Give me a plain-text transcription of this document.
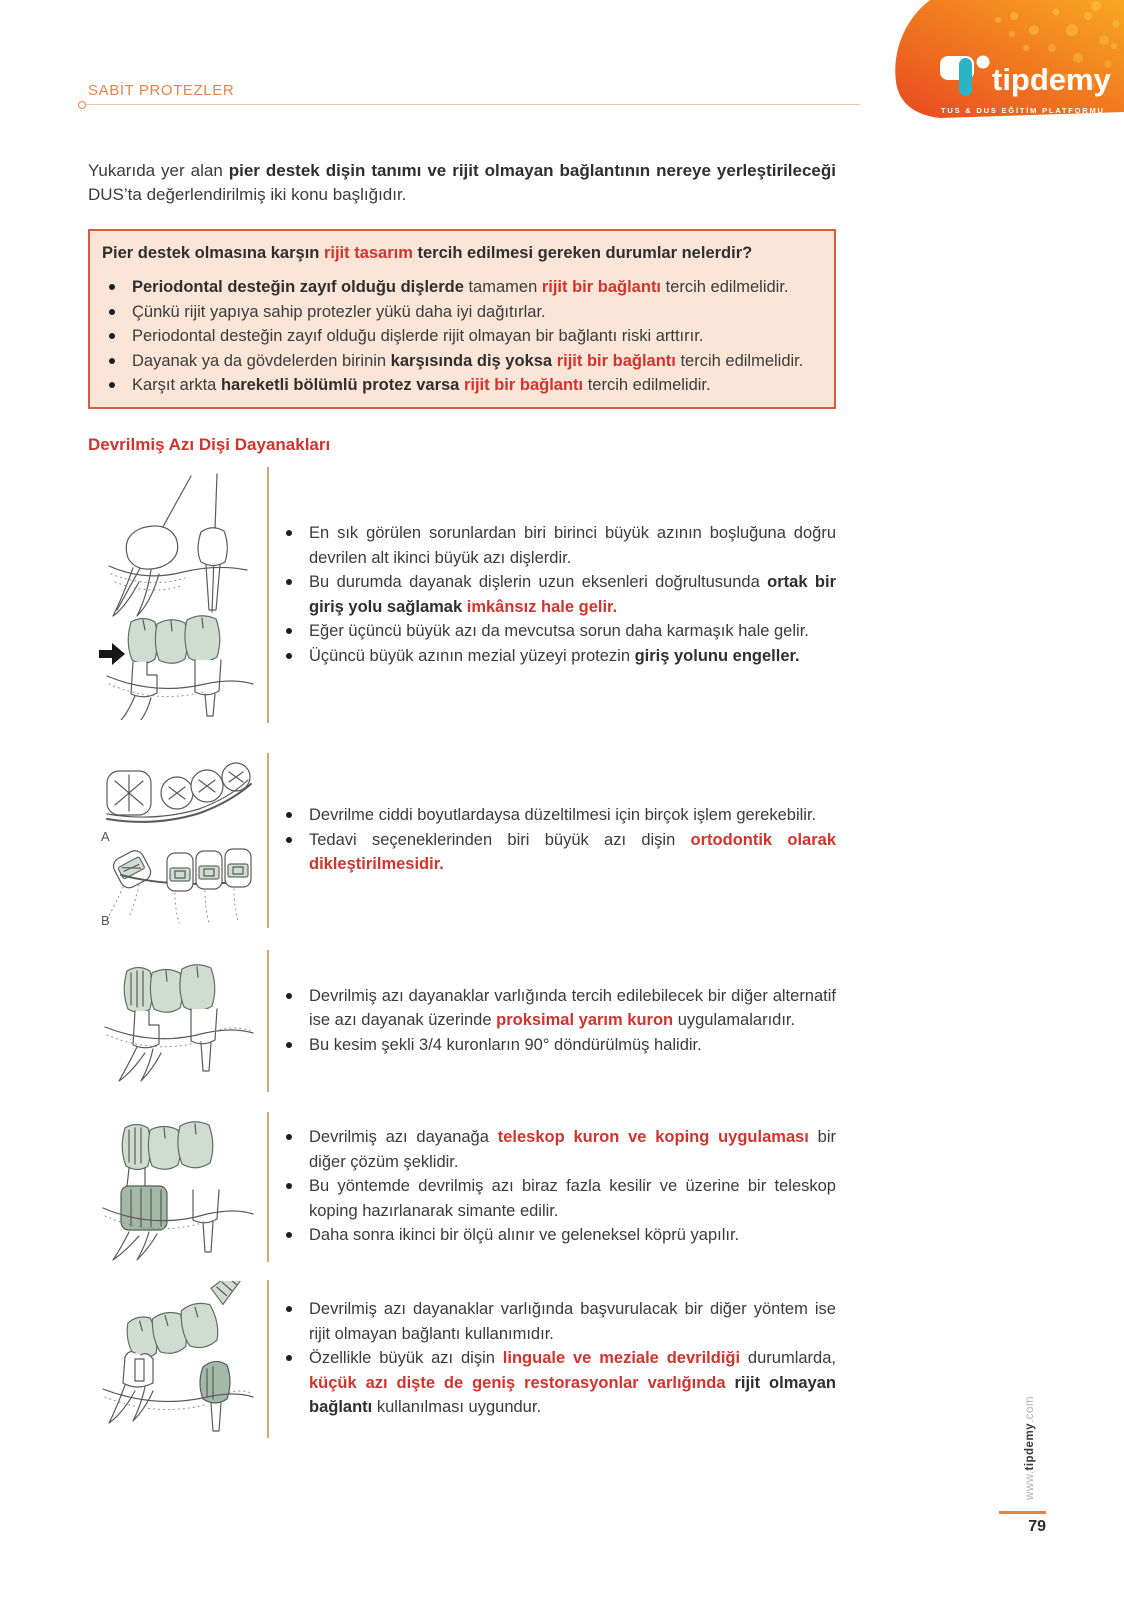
SABİT PROTEZLER	tipdemy
TUS & DUS EĞİTİM PLATFORMU

Yukarıda yer alan pier destek dişin tanımı ve rijit olmayan bağlantının nereye yerleştirileceği DUS’ta değerlendirilmiş iki konu başlığıdır.

Pier destek olmasına karşın rijit tasarım tercih edilmesi gereken durumlar nelerdir?
Periodontal desteğin zayıf olduğu dişlerde tamamen rijit bir bağlantı tercih edilmelidir.
Çünkü rijit yapıya sahip protezler yükü daha iyi dağıtırlar.
Periodontal desteğin zayıf olduğu dişlerde rijit olmayan bir bağlantı riski arttırır.
Dayanak ya da gövdelerden birinin karşısında diş yoksa rijit bir bağlantı tercih edilmelidir.
Karşıt arkta hareketli bölümlü protez varsa rijit bir bağlantı tercih edilmelidir.
Devrilmiş Azı Dişi Dayanakları
En sık görülen sorunlardan biri birinci büyük azının boşluğuna doğru devrilen alt ikinci büyük azı dişlerdir.
Bu durumda dayanak dişlerin uzun eksenleri doğrultusunda ortak bir giriş yolu sağlamak imkânsız hale gelir.
Eğer üçüncü büyük azı da mevcutsa sorun daha karmaşık hale gelir.
Üçüncü büyük azının mezial yüzeyi protezin giriş yolunu engeller.
A
B
Devrilme ciddi boyutlardaysa düzeltilmesi için birçok işlem gerekebilir.
Tedavi seçeneklerinden biri büyük azı dişin ortodontik olarak dikleştirilmesidir.
Devrilmiş azı dayanaklar varlığında tercih edilebilecek bir diğer alternatif ise azı dayanak üzerinde proksimal yarım kuron uygulamalarıdır.
Bu kesim şekli 3/4 kuronların 90° döndürülmüş halidir.
Devrilmiş azı dayanağa teleskop kuron ve koping uygulaması bir diğer çözüm şeklidir.
Bu yöntemde devrilmiş azı biraz fazla kesilir ve üzerine bir teleskop koping hazırlanarak simante edilir.
Daha sonra ikinci bir ölçü alınır ve geleneksel köprü yapılır.
Devrilmiş azı dayanaklar varlığında başvurulacak bir diğer yöntem ise rijit olmayan bağlantı kullanımıdır.
Özellikle büyük azı dişin linguale ve meziale devrildiği durumlarda, küçük azı dişte de geniş restorasyonlar varlığında rijit olmayan bağlantı kullanılması uygundur.
www.tipdemy.com
79
